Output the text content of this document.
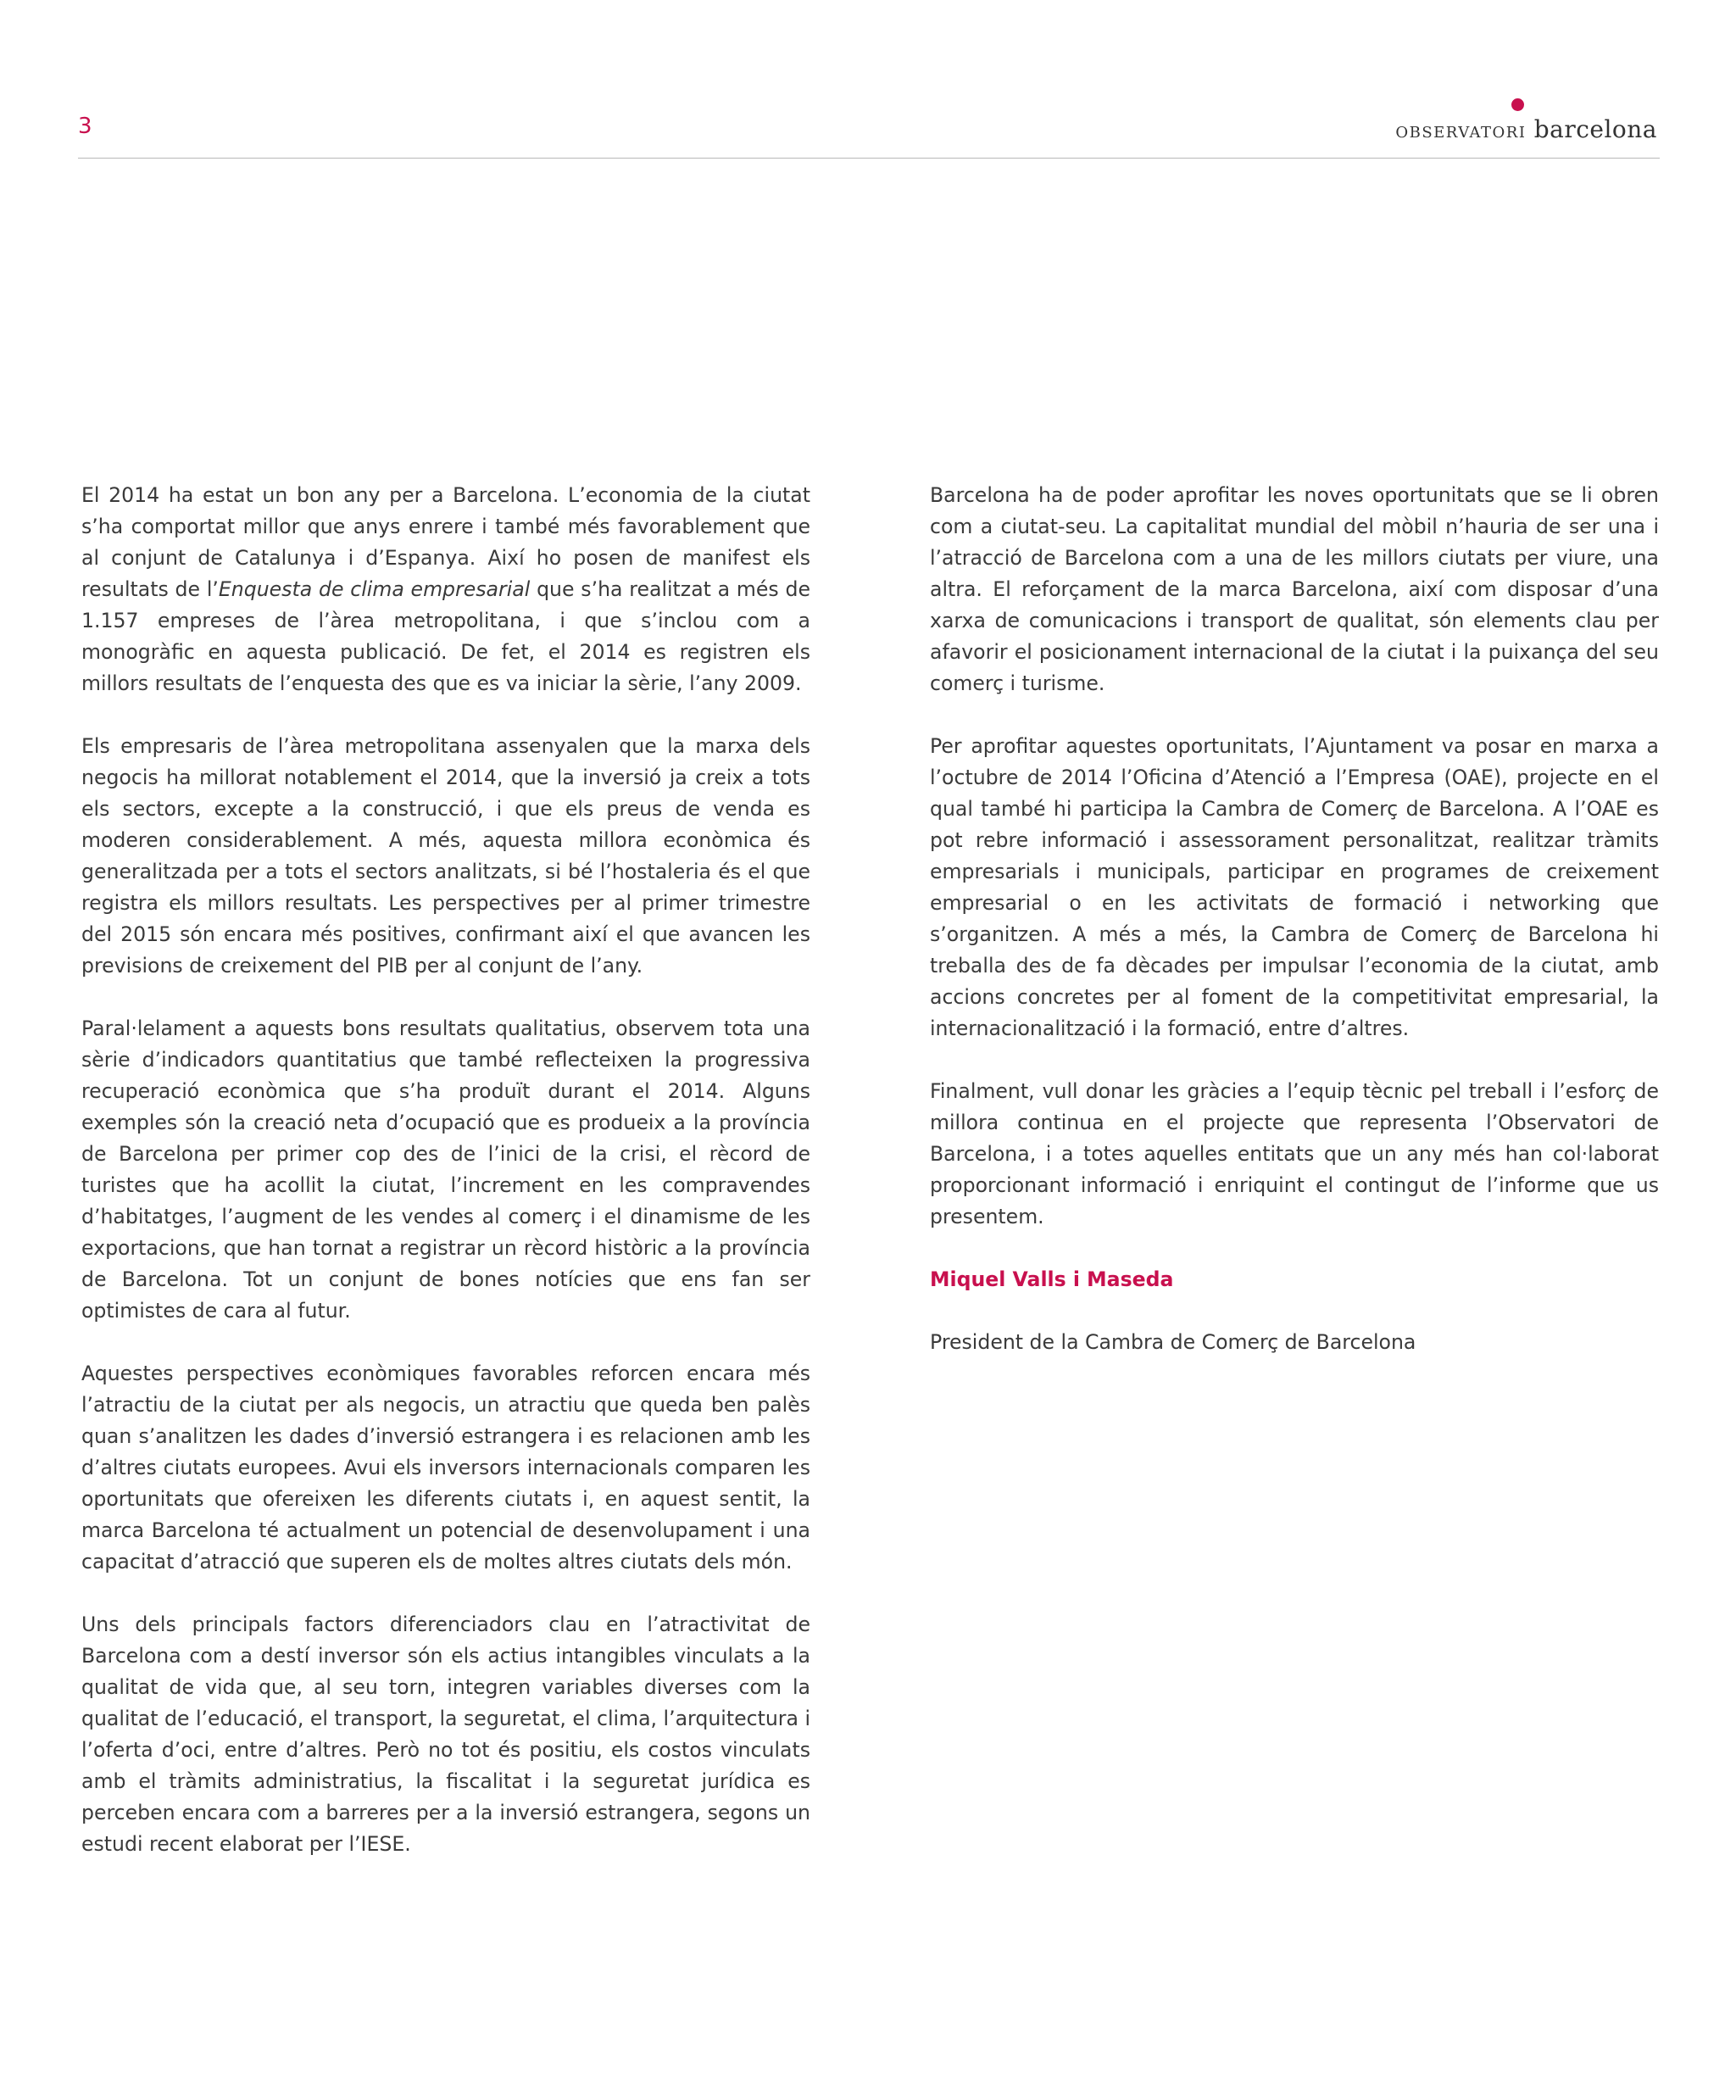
3	observatori barcelona

El 2014 ha estat un bon any per a Barcelona. L’economia de la ciutat s’ha comportat millor que anys enrere i també més favorablement que al conjunt de Catalunya i d’Espanya. Així ho posen de manifest els resultats de l’Enquesta de clima empresarial que s’ha realitzat a més de 1.157 empreses de l’àrea metropolitana, i que s’inclou com a monogràfic en aquesta publicació. De fet, el 2014 es registren els millors resultats de l’enquesta des que es va iniciar la sèrie, l’any 2009.

Els empresaris de l’àrea metropolitana assenyalen que la marxa dels negocis ha millorat notablement el 2014, que la inversió ja creix a tots els sectors, excepte a la construcció, i que els preus de venda es moderen considerablement. A més, aquesta millora econòmica és generalitzada per a tots el sectors analitzats, si bé l’hostaleria és el que registra els millors resultats. Les perspectives per al primer trimestre del 2015 són encara més positives, confirmant així el que avancen les previsions de creixement del PIB per al conjunt de l’any.

Paral·lelament a aquests bons resultats qualitatius, observem tota una sèrie d’indicadors quantitatius que també reflecteixen la progressiva recuperació econòmica que s’ha produït durant el 2014. Alguns exemples són la creació neta d’ocupació que es produeix a la província de Barcelona per primer cop des de l’inici de la crisi, el rècord de turistes que ha acollit la ciutat, l’increment en les compravendes d’habitatges, l’augment de les vendes al comerç i el dinamisme de les exportacions, que han tornat a registrar un rècord històric a la província de Barcelona. Tot un conjunt de bones notícies que ens fan ser optimistes de cara al futur.

Aquestes perspectives econòmiques favorables reforcen encara més l’atractiu de la ciutat per als negocis, un atractiu que queda ben palès quan s’analitzen les dades d’inversió estrangera i es relacionen amb les d’altres ciutats europees. Avui els inversors internacionals comparen les oportunitats que ofereixen les diferents ciutats i, en aquest sentit, la marca Barcelona té actualment un potencial de desenvolupament i una capacitat d’atracció que superen els de moltes altres ciutats dels món.

Uns dels principals factors diferenciadors clau en l’atractivitat de Barcelona com a destí inversor són els actius intangibles vinculats a la qualitat de vida que, al seu torn, integren variables diverses com la qualitat de l’educació, el transport, la seguretat, el clima, l’arquitectura i l’oferta d’oci, entre d’altres. Però no tot és positiu, els costos vinculats amb el tràmits administratius, la fiscalitat i la seguretat jurídica es perceben encara com a barreres per a la inversió estrangera, segons un estudi recent elaborat per l’IESE.

Barcelona ha de poder aprofitar les noves oportunitats que se li obren com a ciutat-seu. La capitalitat mundial del mòbil n’hauria de ser una i l’atracció de Barcelona com a una de les millors ciutats per viure, una altra. El reforçament de la marca Barcelona, així com disposar d’una xarxa de comunicacions i transport de qualitat, són elements clau per afavorir el posicionament internacional de la ciutat i la puixança del seu comerç i turisme.

Per aprofitar aquestes oportunitats, l’Ajuntament va posar en marxa a l’octubre de 2014 l’Oficina d’Atenció a l’Empresa (OAE), projecte en el qual també hi participa la Cambra de Comerç de Barcelona. A l’OAE es pot rebre informació i assessorament personalitzat, realitzar tràmits empresarials i municipals, participar en programes de creixement empresarial o en les activitats de formació i networking que s’organitzen. A més a més, la Cambra de Comerç de Barcelona hi treballa des de fa dècades per impulsar l’economia de la ciutat, amb accions concretes per al foment de la competitivitat empresarial, la internacionalització i la formació, entre d’altres.

Finalment, vull donar les gràcies a l’equip tècnic pel treball i l’esforç de millora continua en el projecte que representa l’Observatori de Barcelona, i a totes aquelles entitats que un any més han col·laborat proporcionant informació i enriquint el contingut de l’informe que us presentem.

Miquel Valls i Maseda

President de la Cambra de Comerç de Barcelona
